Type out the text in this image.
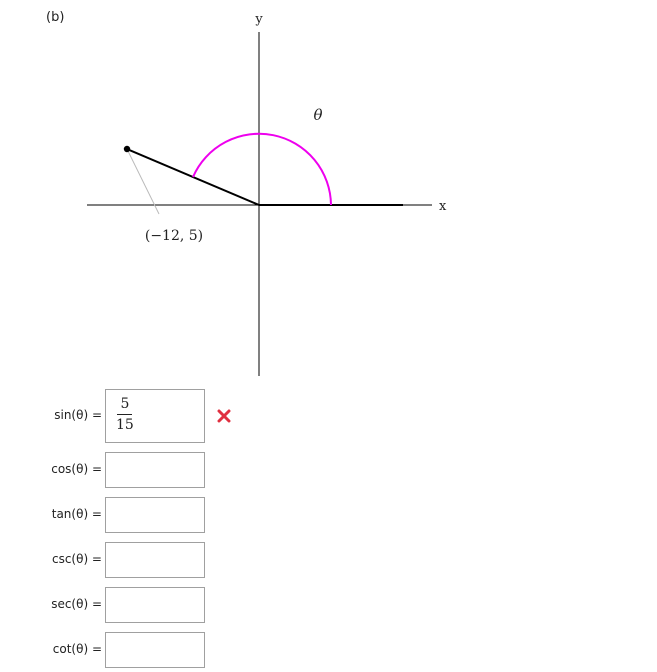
(b)	y
x
θ
(−12, 5)
$\sin(\theta) = \frac{5}{15}$
cos(θ) =
tan(θ) =
csc(θ) =
sec(θ) =
cot(θ) =
